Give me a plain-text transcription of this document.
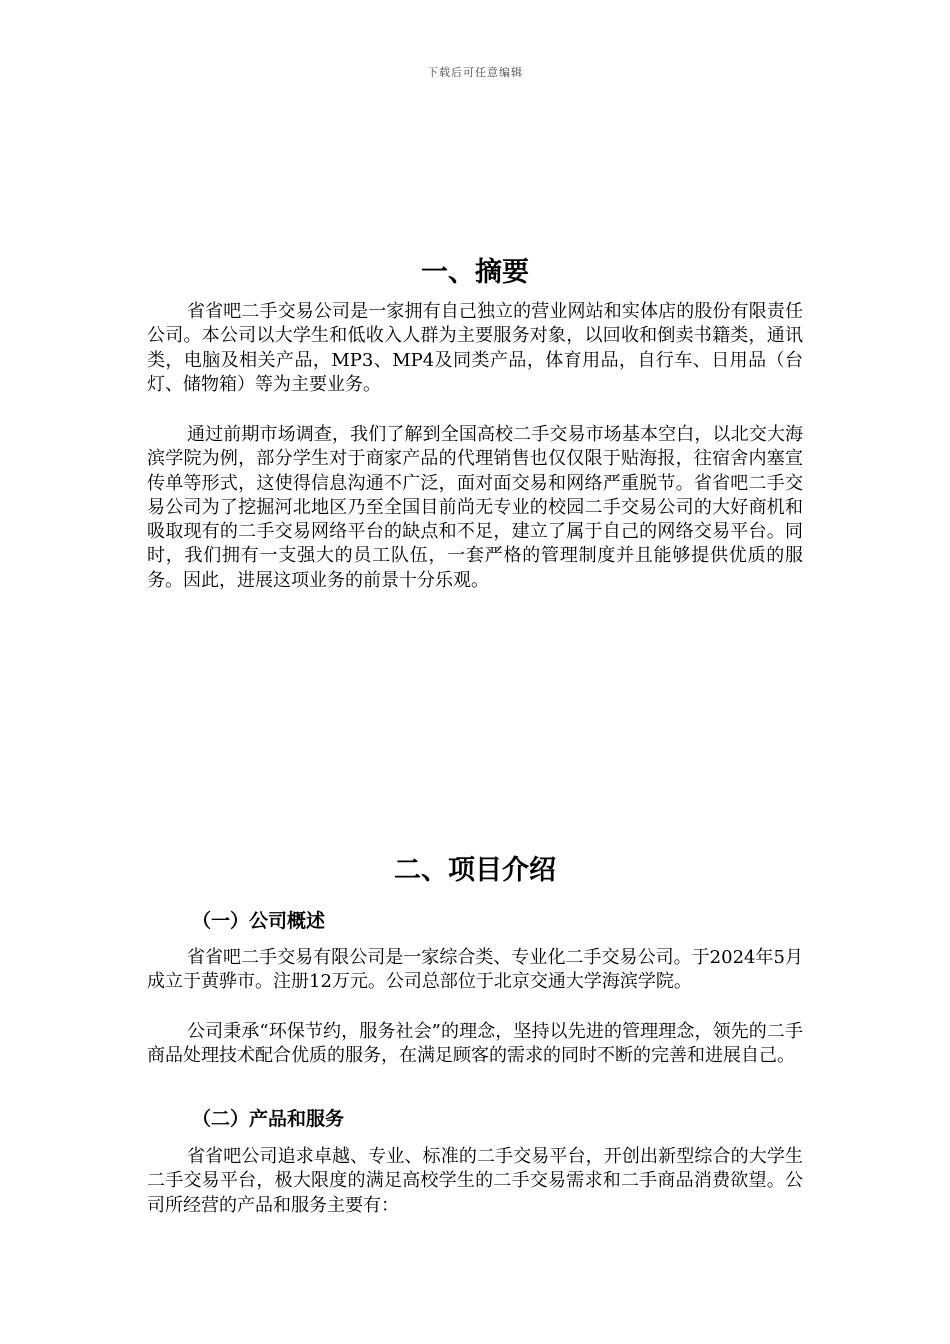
下载后可任意编辑
一、摘要
省省吧二手交易公司是一家拥有自己独立的营业网站和实体店的股份有限责任公司。本公司以大学生和低收入人群为主要服务对象，以回收和倒卖书籍类，通讯类，电脑及相关产品，MP3、MP4及同类产品，体育用品，自行车、日用品（台灯、储物箱）等为主要业务。
通过前期市场调查，我们了解到全国高校二手交易市场基本空白，以北交大海滨学院为例，部分学生对于商家产品的代理销售也仅仅限于贴海报，往宿舍内塞宣传单等形式，这使得信息沟通不广泛，面对面交易和网络严重脱节。省省吧二手交易公司为了挖掘河北地区乃至全国目前尚无专业的校园二手交易公司的大好商机和吸取现有的二手交易网络平台的缺点和不足，建立了属于自己的网络交易平台。同时，我们拥有一支强大的员工队伍，一套严格的管理制度并且能够提供优质的服务。因此，进展这项业务的前景十分乐观。
二、项目介绍
（一）公司概述
省省吧二手交易有限公司是一家综合类、专业化二手交易公司。于2024年5月成立于黄骅市。注册12万元。公司总部位于北京交通大学海滨学院。
公司秉承“环保节约，服务社会”的理念，坚持以先进的管理理念，领先的二手商品处理技术配合优质的服务，在满足顾客的需求的同时不断的完善和进展自己。
（二）产品和服务
省省吧公司追求卓越、专业、标准的二手交易平台，开创出新型综合的大学生二手交易平台，极大限度的满足高校学生的二手交易需求和二手商品消费欲望。公司所经营的产品和服务主要有：
